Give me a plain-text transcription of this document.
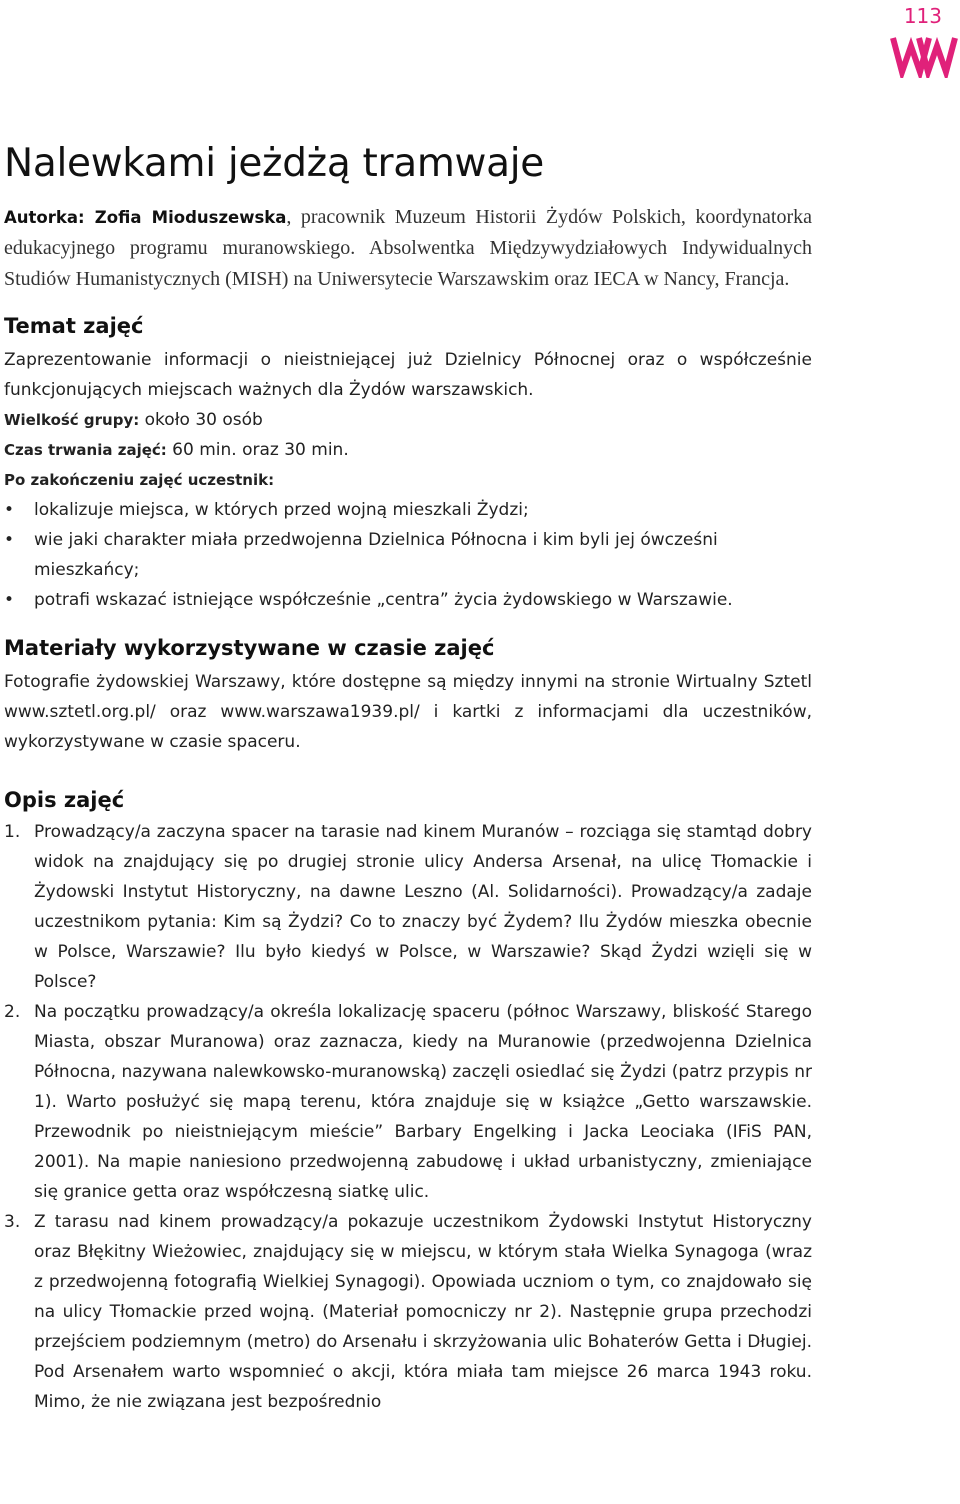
113
Nalewkami jeżdżą tramwaje

Autorka: Zofia Mioduszewska, pracownik Muzeum Historii Żydów Polskich, koordynatorka edukacyjnego programu muranowskiego. Absolwentka Międzywydziałowych Indywidualnych Studiów Humanistycznych (MISH) na Uniwersytecie Warszawskim oraz IECA w Nancy, Francja.

Temat zajęć

Zaprezentowanie informacji o nieistniejącej już Dzielnicy Północnej oraz o współcześnie funkcjonujących miejscach ważnych dla Żydów warszawskich.

Wielkość grupy: około 30 osób

Czas trwania zajęć: 60 min. oraz 30 min.

Po zakończeniu zajęć uczestnik:

• lokalizuje miejsca, w których przed wojną mieszkali Żydzi;
• wie jaki charakter miała przedwojenna Dzielnica Północna i kim byli jej ówcześni mieszkańcy;
• potrafi wskazać istniejące współcześnie „centra” życia żydowskiego w Warszawie.
Materiały wykorzystywane w czasie zajęć

Fotografie żydowskiej Warszawy, które dostępne są między innymi na stronie Wirtualny Sztetl www.sztetl.org.pl/ oraz www.warszawa1939.pl/ i kartki z informacjami dla uczestników, wykorzystywane w czasie spaceru.

Opis zajęć
1. Prowadzący/a zaczyna spacer na tarasie nad kinem Muranów – rozciąga się stamtąd dobry widok na znajdujący się po drugiej stronie ulicy Andersa Arsenał, na ulicę Tłomackie i Żydowski Instytut Historyczny, na dawne Leszno (Al. Solidarności). Prowadzący/a zadaje uczestnikom pytania: Kim są Żydzi? Co to znaczy być Żydem? Ilu Żydów mieszka obecnie w Polsce, Warszawie? Ilu było kiedyś w Polsce, w Warszawie? Skąd Żydzi wzięli się w Polsce?
2. Na początku prowadzący/a określa lokalizację spaceru (północ Warszawy, bliskość Starego Miasta, obszar Muranowa) oraz zaznacza, kiedy na Muranowie (przedwojenna Dzielnica Północna, nazywana nalewkowsko-muranowską) zaczęli osiedlać się Żydzi (patrz przypis nr 1). Warto posłużyć się mapą terenu, która znajduje się w książce „Getto warszawskie. Przewodnik po nieistniejącym mieście” Barbary Engelking i Jacka Leociaka (IFiS PAN, 2001). Na mapie naniesiono przedwojenną zabudowę i układ urbanistyczny, zmieniające się granice getta oraz współczesną siatkę ulic.
3. Z tarasu nad kinem prowadzący/a pokazuje uczestnikom Żydowski Instytut Historyczny oraz Błękitny Wieżowiec, znajdujący się w miejscu, w którym stała Wielka Synagoga (wraz z przedwojenną fotografią Wielkiej Synagogi). Opowiada uczniom o tym, co znajdowało się na ulicy Tłomackie przed wojną. (Materiał pomocniczy nr 2). Następnie grupa przechodzi przejściem podziemnym (metro) do Arsenału i skrzyżowania ulic Bohaterów Getta i Długiej. Pod Arsenałem warto wspomnieć o akcji, która miała tam miejsce 26 marca 1943 roku. Mimo, że nie związana jest bezpośrednio
